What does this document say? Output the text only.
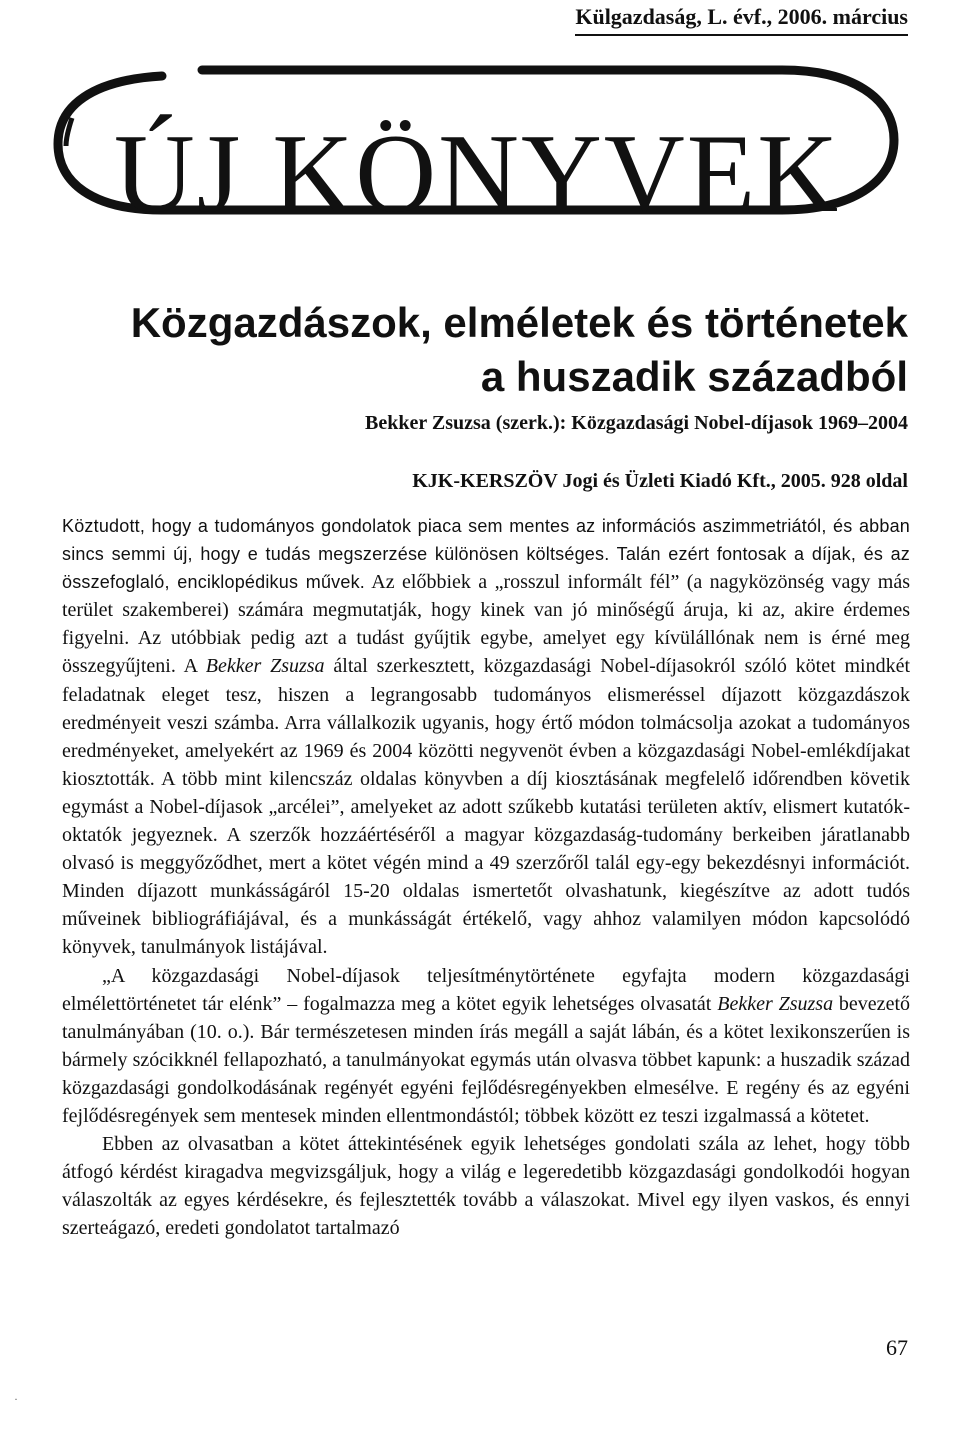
Külgazdaság, L. évf., 2006. március
ÚJ KÖNYVEK
Közgazdászok, elméletek és történetek
a huszadik századból
Bekker Zsuzsa (szerk.): Közgazdasági Nobel-díjasok 1969–2004
KJK-KERSZÖV Jogi és Üzleti Kiadó Kft., 2005. 928 oldal

Köztudott, hogy a tudományos gondolatok piaca sem mentes az információs aszimmetriától, és abban sincs semmi új, hogy e tudás megszerzése különösen költséges. Talán ezért fontosak a díjak, és az összefoglaló, enciklopédikus művek. Az előbbiek a „rosszul informált fél” (a nagyközönség vagy más terület szakemberei) számára megmutatják, hogy kinek van jó minőségű áruja, ki az, akire érdemes figyelni. Az utóbbiak pedig azt a tudást gyűjtik egybe, amelyet egy kívülállónak nem is érné meg összegyűjteni. A Bekker Zsuzsa által szerkesztett, közgazdasági Nobel-díjasokról szóló kötet mindkét feladatnak eleget tesz, hiszen a legrangosabb tudományos elismeréssel díjazott közgazdászok eredményeit veszi számba. Arra vállalkozik ugyanis, hogy értő módon tolmácsolja azokat a tudományos eredményeket, amelyekért az 1969 és 2004 közötti negyvenöt évben a közgazdasági Nobel-emlékdíjakat kiosztották. A több mint kilencszáz oldalas könyvben a díj kiosztásának megfelelő időrendben követik egymást a Nobel-díjasok „arcélei”, amelyeket az adott szűkebb kutatási területen aktív, elismert kutatók-oktatók jegyeznek. A szerzők hozzáértéséről a magyar közgazdaság-tudomány berkeiben járatlanabb olvasó is meggyőződhet, mert a kötet végén mind a 49 szerzőről talál egy-egy bekezdésnyi információt. Minden díjazott munkásságáról 15-20 oldalas ismertetőt olvashatunk, kiegészítve az adott tudós műveinek bibliográfiájával, és a munkásságát értékelő, vagy ahhoz valamilyen módon kapcsolódó könyvek, tanulmányok listájával.

„A közgazdasági Nobel-díjasok teljesítménytörténete egyfajta modern közgazdasági elmélettörténetet tár elénk” – fogalmazza meg a kötet egyik lehetséges olvasatát Bekker Zsuzsa bevezető tanulmányában (10. o.). Bár természetesen minden írás megáll a saját lábán, és a kötet lexikonszerűen is bármely szócikknél fellapozható, a tanulmányokat egymás után olvasva többet kapunk: a huszadik század közgazdasági gondolkodásának regényét egyéni fejlődésregényekben elmesélve. E regény és az egyéni fejlődésregények sem mentesek minden ellentmondástól; többek között ez teszi izgalmassá a kötetet.

Ebben az olvasatban a kötet áttekintésének egyik lehetséges gondolati szála az lehet, hogy több átfogó kérdést kiragadva megvizsgáljuk, hogy a világ e legeredetibb közgazdasági gondolkodói hogyan válaszolták az egyes kérdésekre, és fejlesztették tovább a válaszokat. Mivel egy ilyen vaskos, és ennyi szerteágazó, eredeti gondolatot tartalmazó

67
·
